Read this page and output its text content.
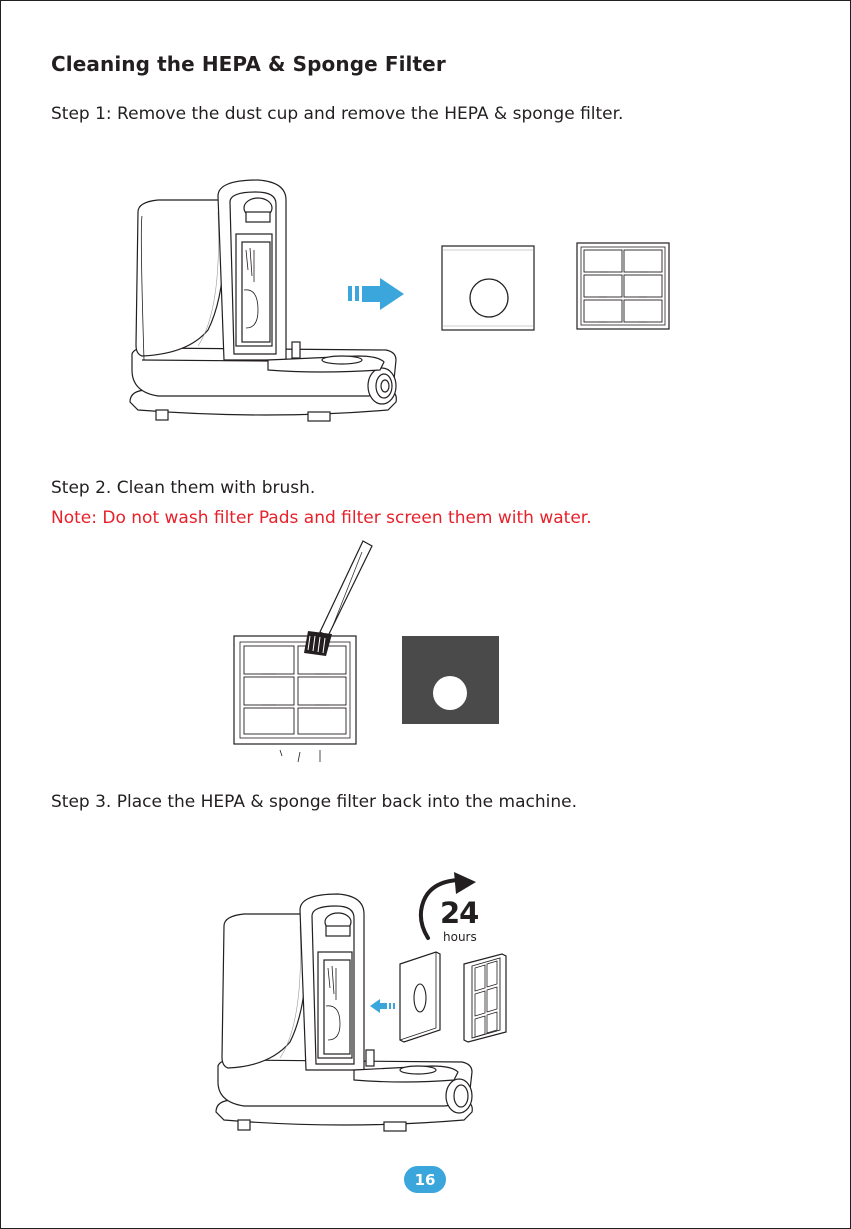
Cleaning the HEPA & Sponge Filter
Step 1: Remove the dust cup and remove the HEPA & sponge filter.
Step 2. Clean them with brush.
Note: Do not wash filter Pads and filter screen them with water.
Step 3. Place the HEPA & sponge filter back into the machine.
24
hours
16
